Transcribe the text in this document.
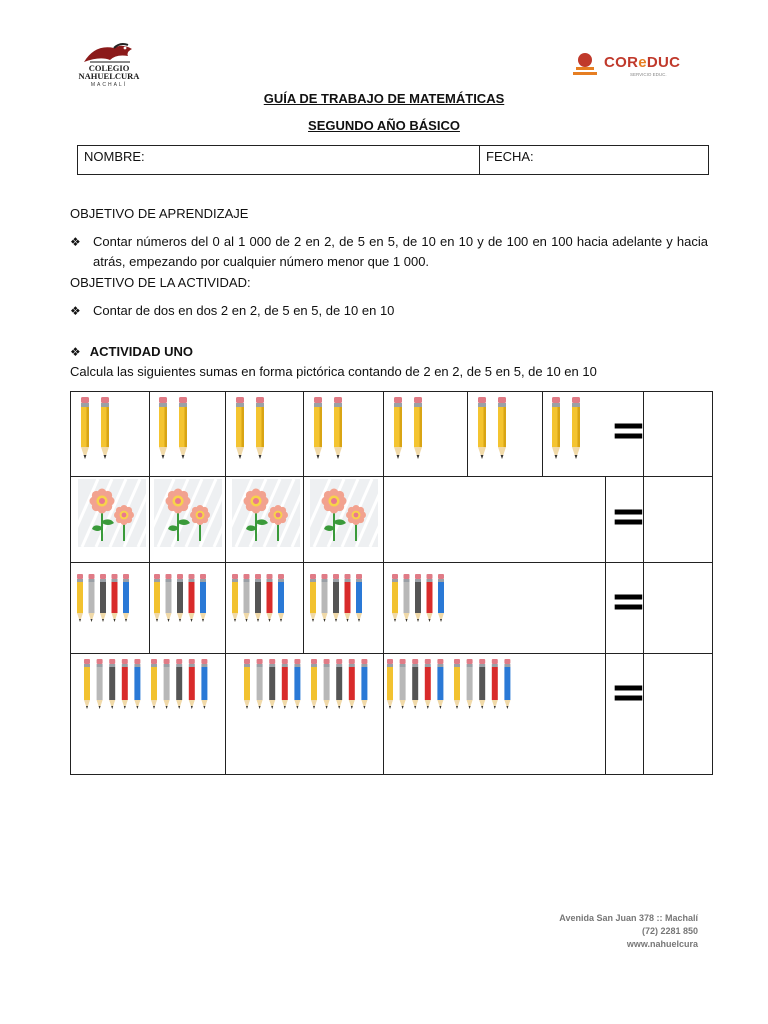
COLEGIO
NAHUELCURA
MACHALÍ
COReDUC
SERVICIO EDUC.
GUÍA DE TRABAJO DE MATEMÁTICAS
SEGUNDO AÑO BÁSICO
NOMBRE:	FECHA:
OBJETIVO DE APRENDIZAJE
❖ Contar números del 0 al 1 000 de 2 en 2, de 5 en 5, de 10 en 10 y de 100 en 100 hacia adelante y hacia atrás, empezando por cualquier número menor que 1 000.
OBJETIVO DE LA ACTIVIDAD:
❖ Contar de dos en dos 2 en 2, de 5 en 5, de 10 en 10
❖ ACTIVIDAD UNO
Calcula las siguientes sumas en forma pictórica contando de 2 en 2, de 5 en 5, de 10 en 10
=
=
=
=
Avenida San Juan 378 :: Machalí
(72) 2281 850
www.nahuelcura
